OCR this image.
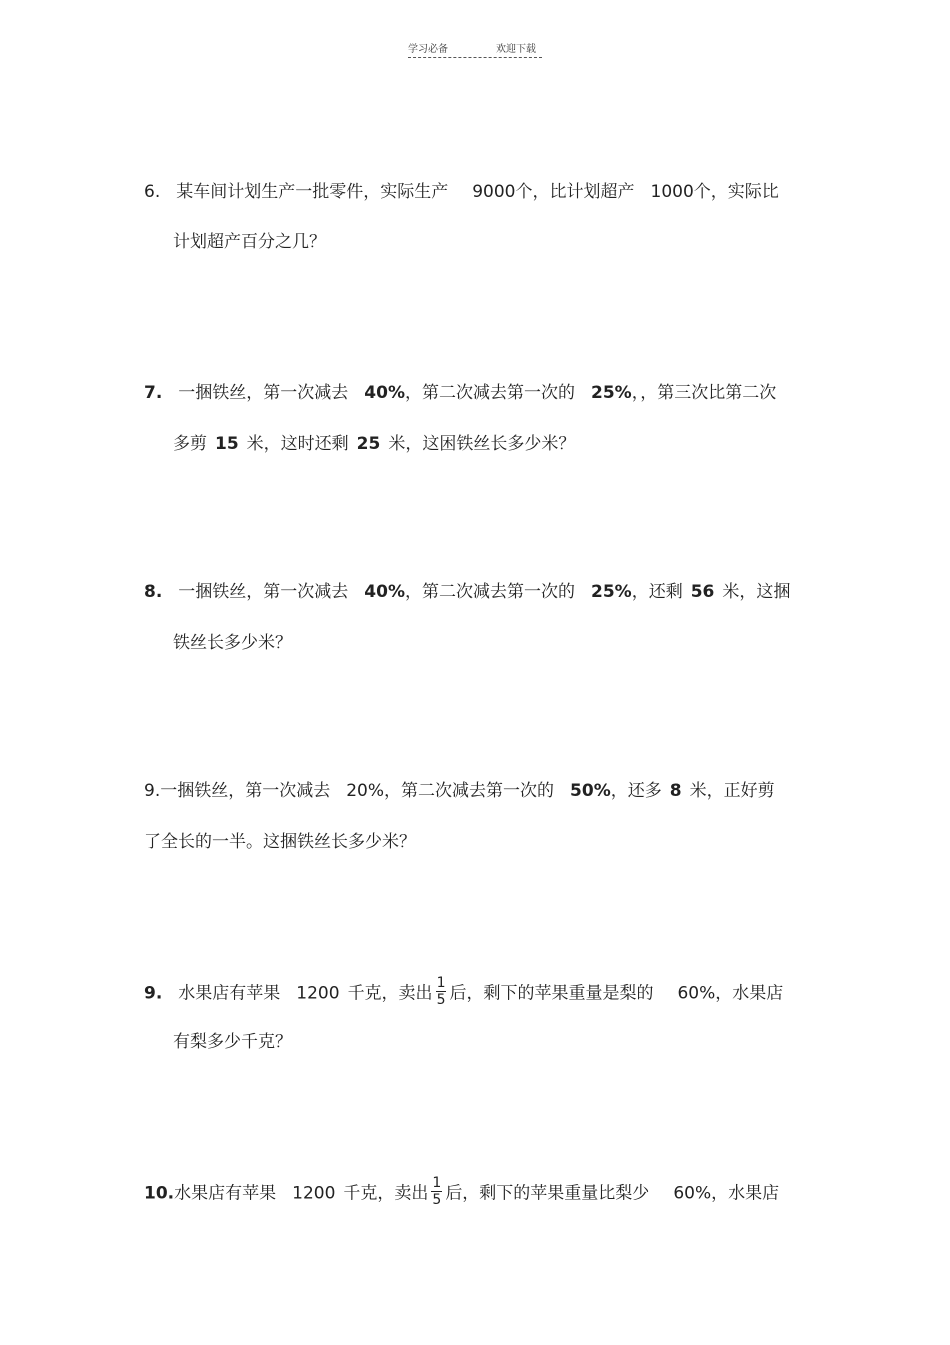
学习必备	欢迎下载
6. 某车间计划生产一批零件，实际生产 9000个，比计划超产 1000个，实际比
计划超产百分之几？
7. 一捆铁丝，第一次减去 40%，第二次减去第一次的 25%，，第三次比第二次
多剪 15 米，这时还剩 25 米，这困铁丝长多少米？
8. 一捆铁丝，第一次减去 40%，第二次减去第一次的 25%，还剩 56 米，这捆
铁丝长多少米？
9.一捆铁丝，第一次减去 20%，第二次减去第一次的 50%，还多 8 米，正好剪
了全长的一半。这捆铁丝长多少米？
9. 水果店有苹果 1200 千克，卖出 $\frac{1}{5}$ 后，剩下的苹果重量是梨的 60%，水果店
有梨多少千克？
10.水果店有苹果 1200 千克，卖出 $\frac{1}{5}$ 后，剩下的苹果重量比梨少 60%，水果店
